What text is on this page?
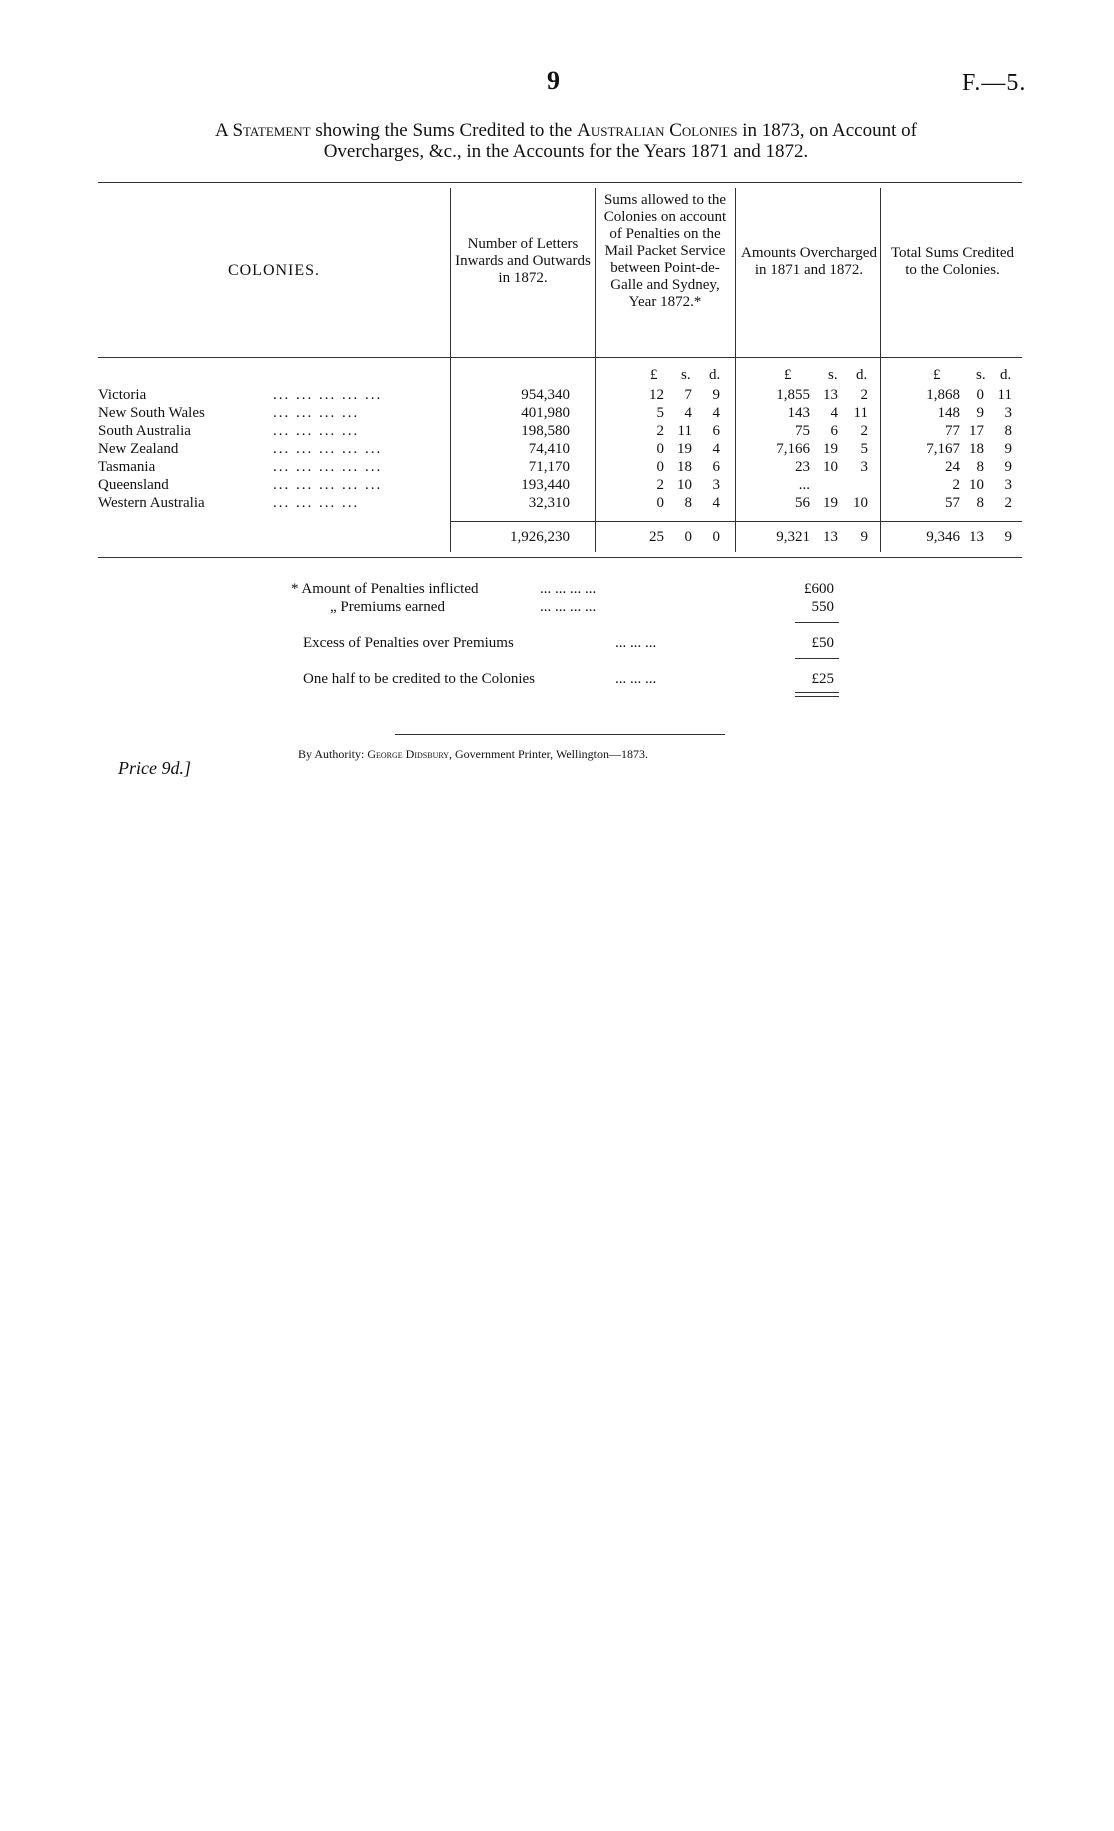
9	F.—5.
A Statement showing the Sums Credited to the Australian Colonies in 1873, on Account of
Overcharges, &c., in the Accounts for the Years 1871 and 1872.
COLONIES.
Number of Letters Inwards and Outwards in 1872.
Sums allowed to the Colonies on account of Penalties on the Mail Packet Service between Point-de-Galle and Sydney, Year 1872.*
Amounts Overcharged in 1871 and 1872.
Total Sums Credited to the Colonies.
£ s. d.	£ s. d.	£ s. d.
Victoria	... ... ... ... ...	954,340	12	7	9	1,855 13	2	1,868	0 11
New South Wales	... ... ... ...	401,980	5	4	4	143	4	11	148	9	3
South Australia	... ... ... ...	198,580	2 11	6	75	6	2	77 17	8
New Zealand	... ... ... ... ...	74,410	0 19	4	7,166 19	5	7,167 18	9
Tasmania	... ... ... ... ...	71,170	0 18	6	23 10	3	24	8	9
Queensland	... ... ... ... ...	193,440	2 10	3	...	2 10	3
Western Australia	... ... ... ...	32,310	0	8	4	56 19	10	57	8	2
1,926,230	25	0	0	9,321 13	9	9,346 13	9
* Amount of Penalties inflicted	... ... ... ...	£600
„ Premiums earned	... ... ... ...	550
Excess of Penalties over Premiums	... ... ...	£50
One half to be credited to the Colonies	... ... ...	£25
Price 9d.]
By Authority: George Didsbury, Government Printer, Wellington—1873.
